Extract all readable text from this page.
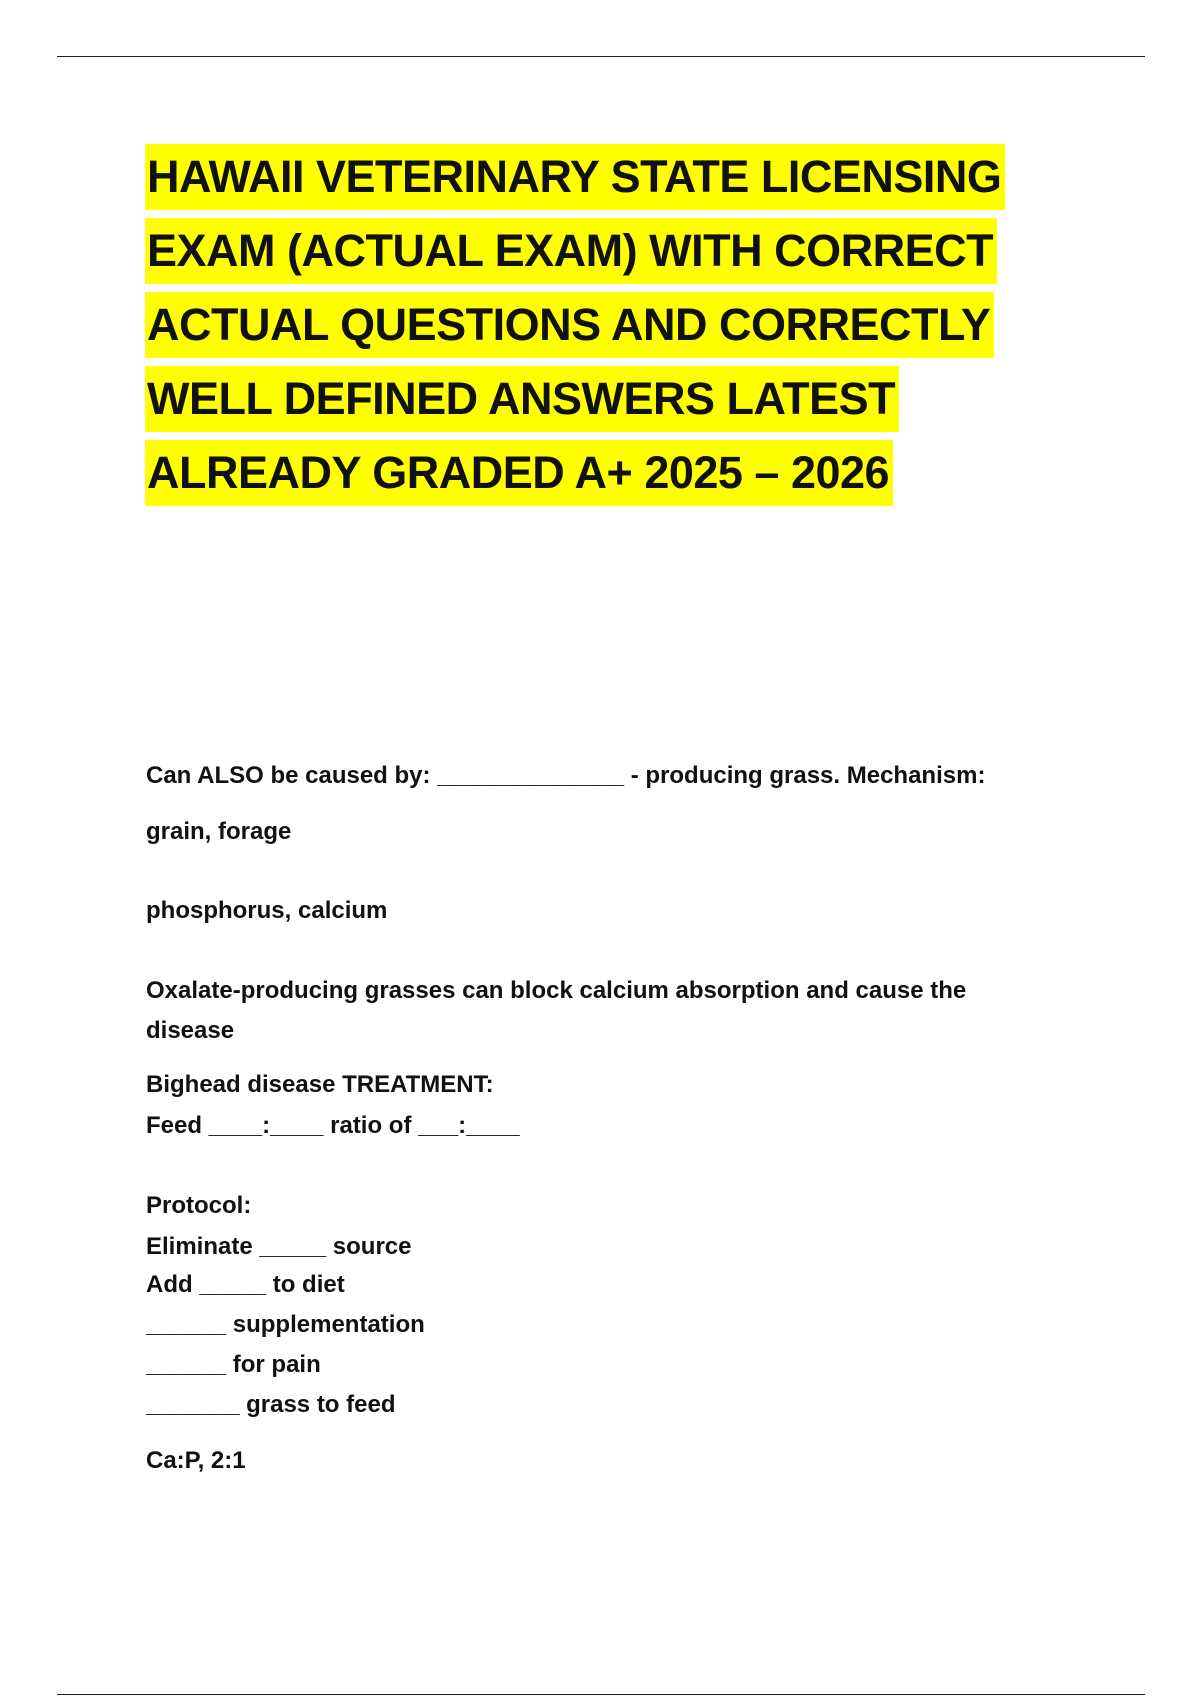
HAWAII VETERINARY STATE LICENSING
EXAM (ACTUAL EXAM) WITH CORRECT
ACTUAL QUESTIONS AND CORRECTLY
WELL DEFINED ANSWERS LATEST
ALREADY GRADED A+ 2025 – 2026
Can ALSO be caused by: ______________ - producing grass. Mechanism:
grain, forage
phosphorus, calcium
Oxalate-producing grasses can block calcium absorption and cause the
disease
Bighead disease TREATMENT:
Feed ____:____ ratio of ___:____
Protocol:
Eliminate _____ source
Add _____ to diet
______ supplementation
______ for pain
_______ grass to feed
Ca:P, 2:1
